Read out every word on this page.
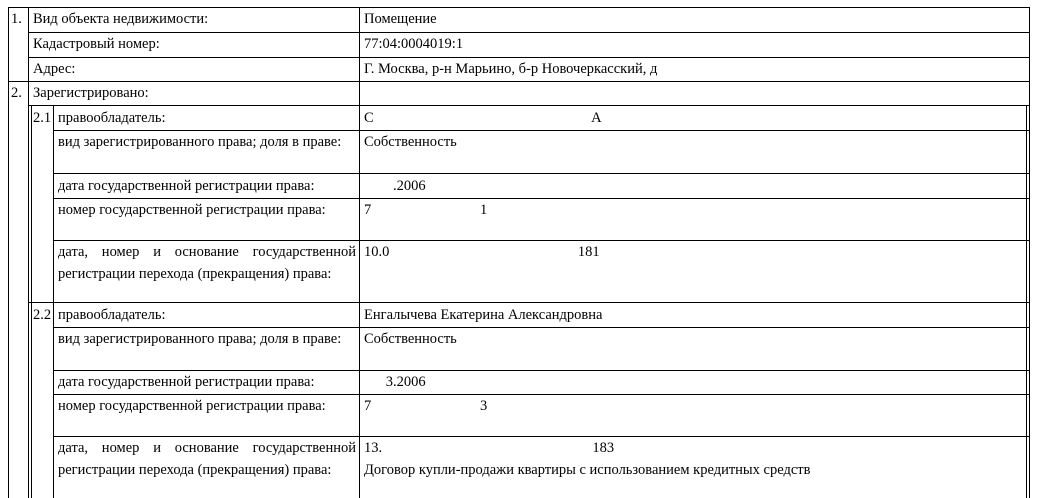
1. Вид объекта недвижимости:	Помещение
Кадастровый номер:	77:04:0004019:1
Адрес:	Г. Москва, р-н Марьино, б-р Новочеркасский, д
2. Зарегистрировано:
2.1 правообладатель:	С                                                            А
вид зарегистрированного права; доля в праве:	Собственность
дата государственной регистрации права:	.2006
номер государственной регистрации права:	7                              1
дата, номер и основание государственной регистрации перехода (прекращения) права:
10.0                                                    181
2.2 правообладатель:	Енгалычева Екатерина Александровна
вид зарегистрированного права; доля в праве:	Собственность
дата государственной регистрации права:	3.2006
номер государственной регистрации права:	7                              3
дата, номер и основание государственной регистрации перехода (прекращения) права:
13.                                                          183
Договор купли-продажи квартиры с использованием кредитных средств
